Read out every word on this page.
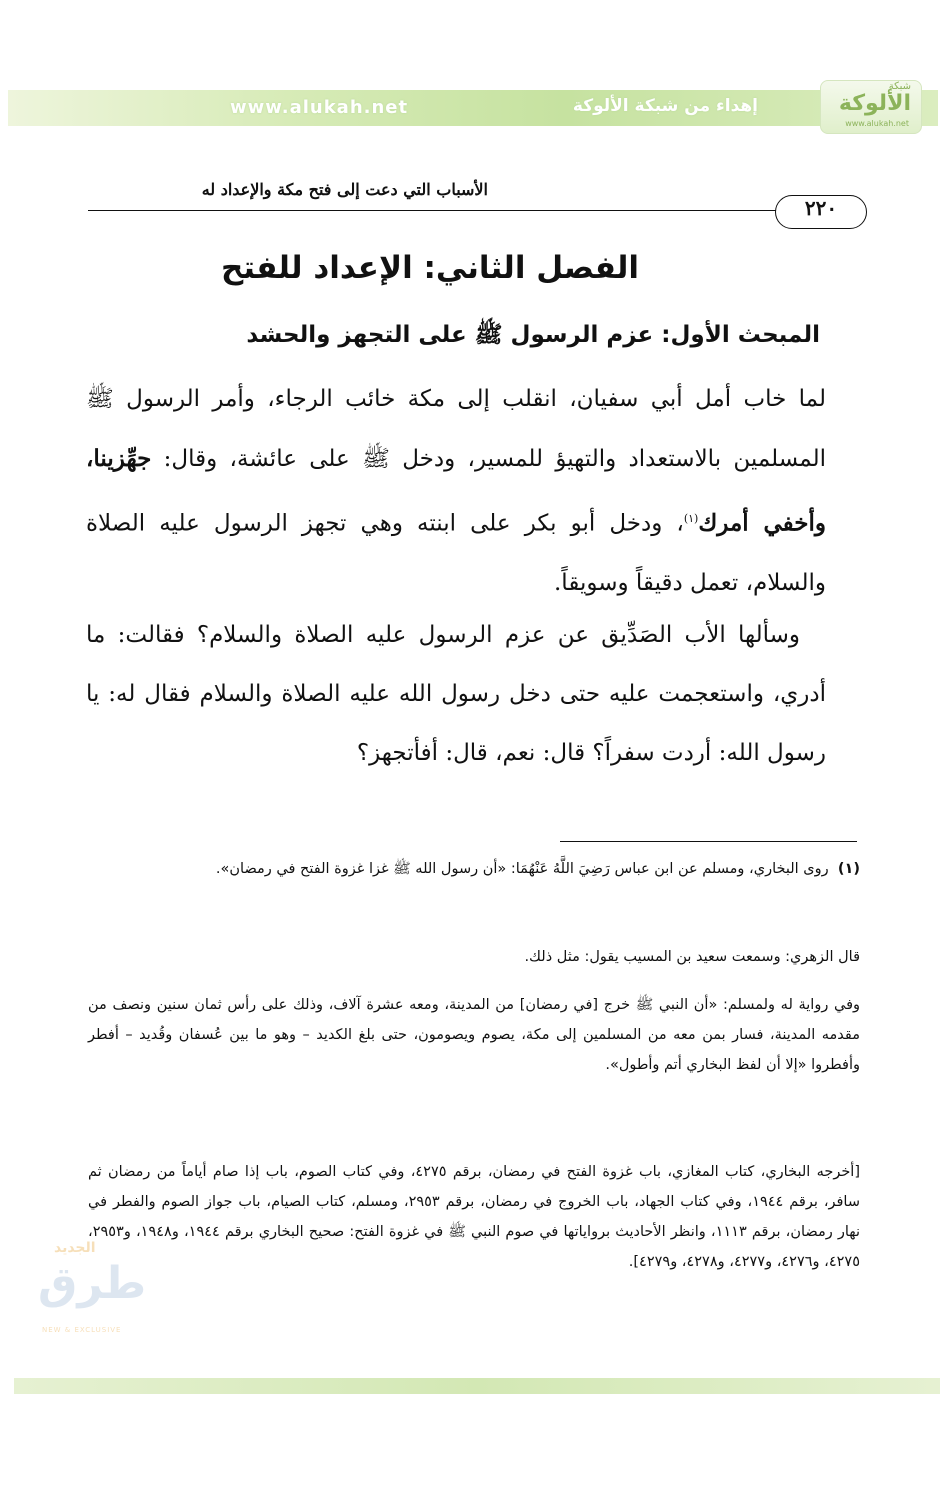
www.alukah.net	إهداء من شبكة الألوكة
شبكة
الألوكة
www.alukah.net
الأسباب التي دعت إلى فتح مكة والإعداد له
٢٢٠
الفصل الثاني: الإعداد للفتح
المبحث الأول: عزم الرسول ﷺ على التجهز والحشد
لما خاب أمل أبي سفيان، انقلب إلى مكة خائب الرجاء، وأمر الرسول ﷺ المسلمين بالاستعداد والتهيؤ للمسير، ودخل ﷺ على عائشة، وقال: جهِّزينا، وأخفي أمرك$^{(١)}$، ودخل أبو بكر على ابنته وهي تجهز الرسول عليه الصلاة والسلام، تعمل دقيقاً وسويقاً.
وسألها الأب الصَدِّيق عن عزم الرسول عليه الصلاة والسلام؟ فقالت: ما أدري، واستعجمت عليه حتى دخل رسول الله عليه الصلاة والسلام فقال له: يا رسول الله: أردت سفراً؟ قال: نعم، قال: أفأتجهز؟
(١)  روى البخاري، ومسلم عن ابن عباس رَضِيَ اللَّهُ عَنْهُمَا: «أن رسول الله ﷺ غزا غزوة الفتح في رمضان».
قال الزهري: وسمعت سعيد بن المسيب يقول: مثل ذلك.
وفي رواية له ولمسلم: «أن النبي ﷺ خرج [في رمضان] من المدينة، ومعه عشرة آلاف، وذلك على رأس ثمان سنين ونصف من مقدمه المدينة، فسار بمن معه من المسلمين إلى مكة، يصوم ويصومون، حتى بلغ الكديد – وهو ما بين عُسفان وقُديد – أفطر وأفطروا «إلا أن لفظ البخاري أتم وأطول».
[أخرجه البخاري، كتاب المغازي، باب غزوة الفتح في رمضان، برقم ٤٢٧٥، وفي كتاب الصوم، باب إذا صام أياماً من رمضان ثم سافر، برقم ١٩٤٤، وفي كتاب الجهاد، باب الخروج في رمضان، برقم ٢٩٥٣، ومسلم، كتاب الصيام، باب جواز الصوم والفطر في نهار رمضان، برقم ١١١٣، وانظر الأحاديث برواياتها في صوم النبي ﷺ في غزوة الفتح: صحيح البخاري برقم ١٩٤٤، و١٩٤٨، و٢٩٥٣، ٤٢٧٥، و٤٢٧٦، و٤٢٧٧، و٤٢٧٨، و٤٢٧٩].
الجديد
طرق
NEW & EXCLUSIVE
